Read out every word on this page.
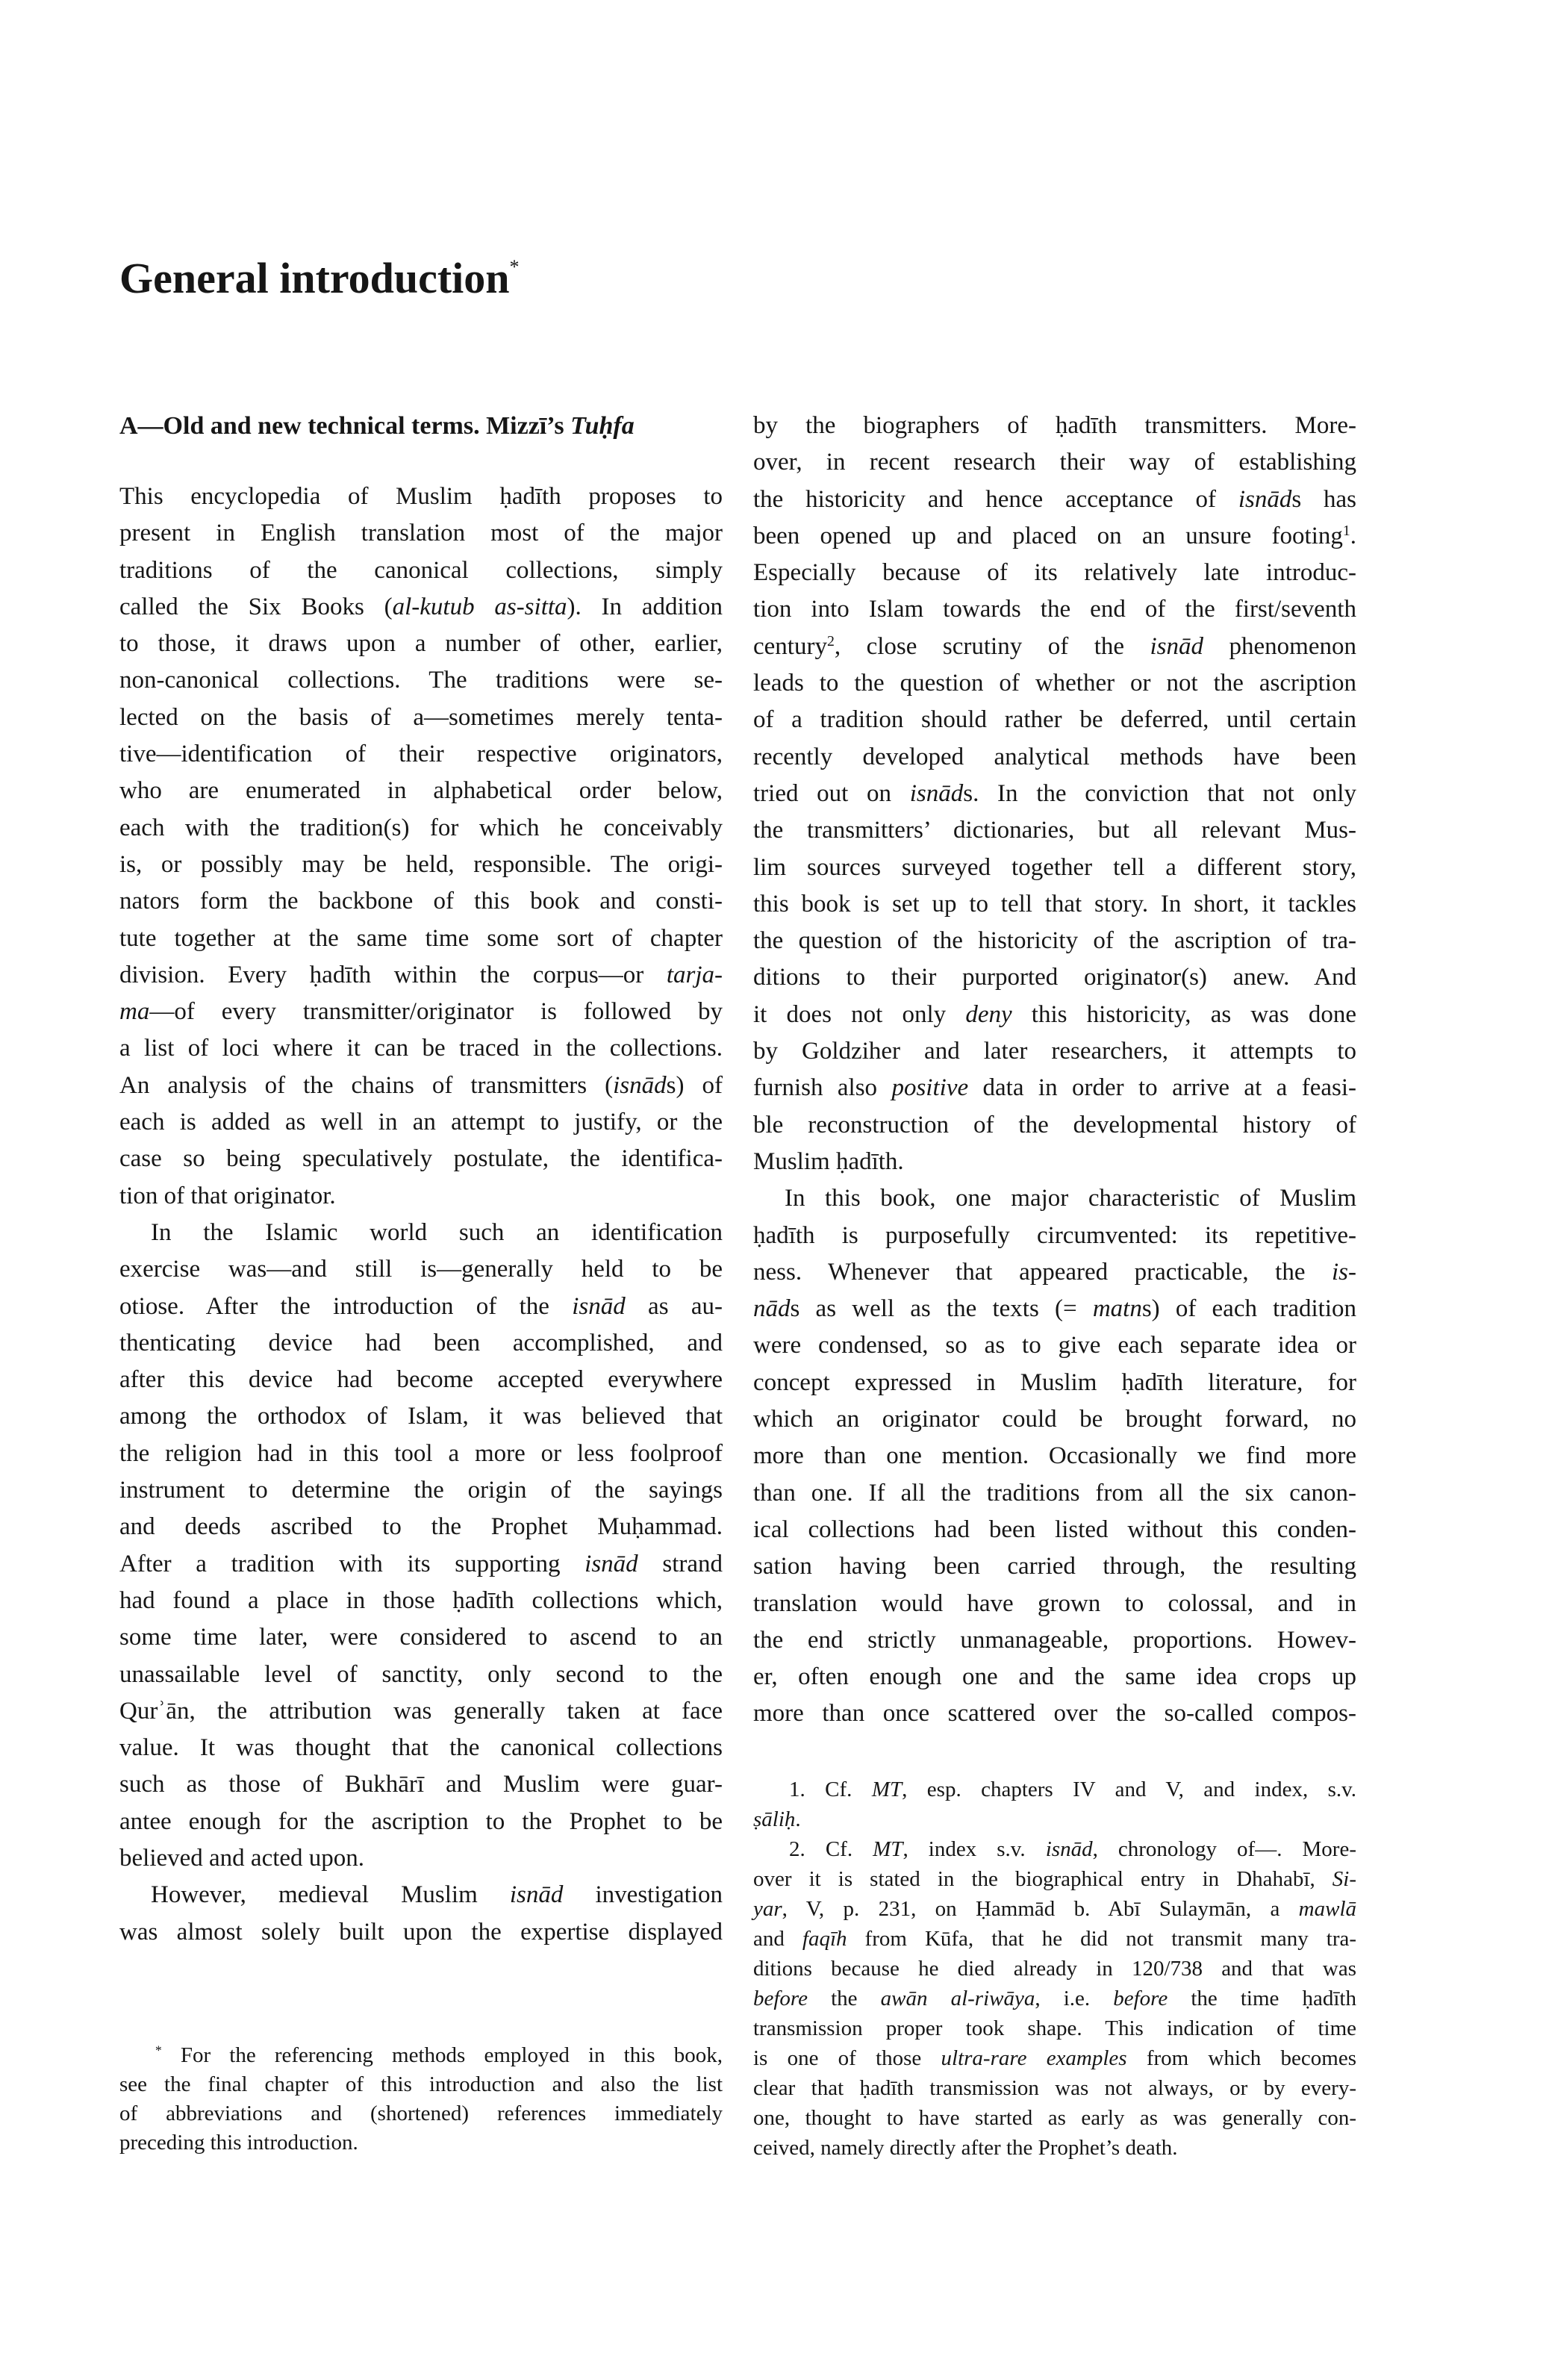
General introduction*
A—Old and new technical terms. Mizzī’s Tuḥfa
This encyclopedia of Muslim ḥadīth proposes to
present in English translation most of the major
traditions of the canonical collections, simply
called the Six Books (al-kutub as-sitta). In addition
to those, it draws upon a number of other, earlier,
non-canonical collections. The traditions were se-
lected on the basis of a—sometimes merely tenta-
tive—identification of their respective originators,
who are enumerated in alphabetical order below,
each with the tradition(s) for which he conceivably
is, or possibly may be held, responsible. The origi-
nators form the backbone of this book and consti-
tute together at the same time some sort of chapter
division. Every ḥadīth within the corpus—or tarja-
ma—of every transmitter/originator is followed by
a list of loci where it can be traced in the collections.
An analysis of the chains of transmitters (isnāds) of
each is added as well in an attempt to justify, or the
case so being speculatively postulate, the identifica-
tion of that originator.
In the Islamic world such an identification
exercise was—and still is—generally held to be
otiose. After the introduction of the isnād as au-
thenticating device had been accomplished, and
after this device had become accepted everywhere
among the orthodox of Islam, it was believed that
the religion had in this tool a more or less foolproof
instrument to determine the origin of the sayings
and deeds ascribed to the Prophet Muḥammad.
After a tradition with its supporting isnād strand
had found a place in those ḥadīth collections which,
some time later, were considered to ascend to an
unassailable level of sanctity, only second to the
Qurʾān, the attribution was generally taken at face
value. It was thought that the canonical collections
such as those of Bukhārī and Muslim were guar-
antee enough for the ascription to the Prophet to be
believed and acted upon.
However, medieval Muslim isnād investigation
was almost solely built upon the expertise displayed
by the biographers of ḥadīth transmitters. More-
over, in recent research their way of establishing
the historicity and hence acceptance of isnāds has
been opened up and placed on an unsure footing$^1$.
Especially because of its relatively late introduc-
tion into Islam towards the end of the first/seventh
century$^2$, close scrutiny of the isnād phenomenon
leads to the question of whether or not the ascription
of a tradition should rather be deferred, until certain
recently developed analytical methods have been
tried out on isnāds. In the conviction that not only
the transmitters’ dictionaries, but all relevant Mus-
lim sources surveyed together tell a different story,
this book is set up to tell that story. In short, it tackles
the question of the historicity of the ascription of tra-
ditions to their purported originator(s) anew. And
it does not only deny this historicity, as was done
by Goldziher and later researchers, it attempts to
furnish also positive data in order to arrive at a feasi-
ble reconstruction of the developmental history of
Muslim ḥadīth.
In this book, one major characteristic of Muslim
ḥadīth is purposefully circumvented: its repetitive-
ness. Whenever that appeared practicable, the is-
nāds as well as the texts (= matns) of each tradition
were condensed, so as to give each separate idea or
concept expressed in Muslim ḥadīth literature, for
which an originator could be brought forward, no
more than one mention. Occasionally we find more
than one. If all the traditions from all the six canon-
ical collections had been listed without this conden-
sation having been carried through, the resulting
translation would have grown to colossal, and in
the end strictly unmanageable, proportions. Howev-
er, often enough one and the same idea crops up
more than once scattered over the so-called compos-
* For the referencing methods employed in this book,
see the final chapter of this introduction and also the list
of abbreviations and (shortened) references immediately
preceding this introduction.
1. Cf. MT, esp. chapters IV and V, and index, s.v.
ṣāliḥ.
2. Cf. MT, index s.v. isnād, chronology of—. More-
over it is stated in the biographical entry in Dhahabī, Si-
yar, V, p. 231, on Ḥammād b. Abī Sulaymān, a mawlā
and faqīh from Kūfa, that he did not transmit many tra-
ditions because he died already in 120/738 and that was
before the awān al-riwāya, i.e. before the time ḥadīth
transmission proper took shape. This indication of time
is one of those ultra-rare examples from which becomes
clear that ḥadīth transmission was not always, or by every-
one, thought to have started as early as was generally con-
ceived, namely directly after the Prophet’s death.
